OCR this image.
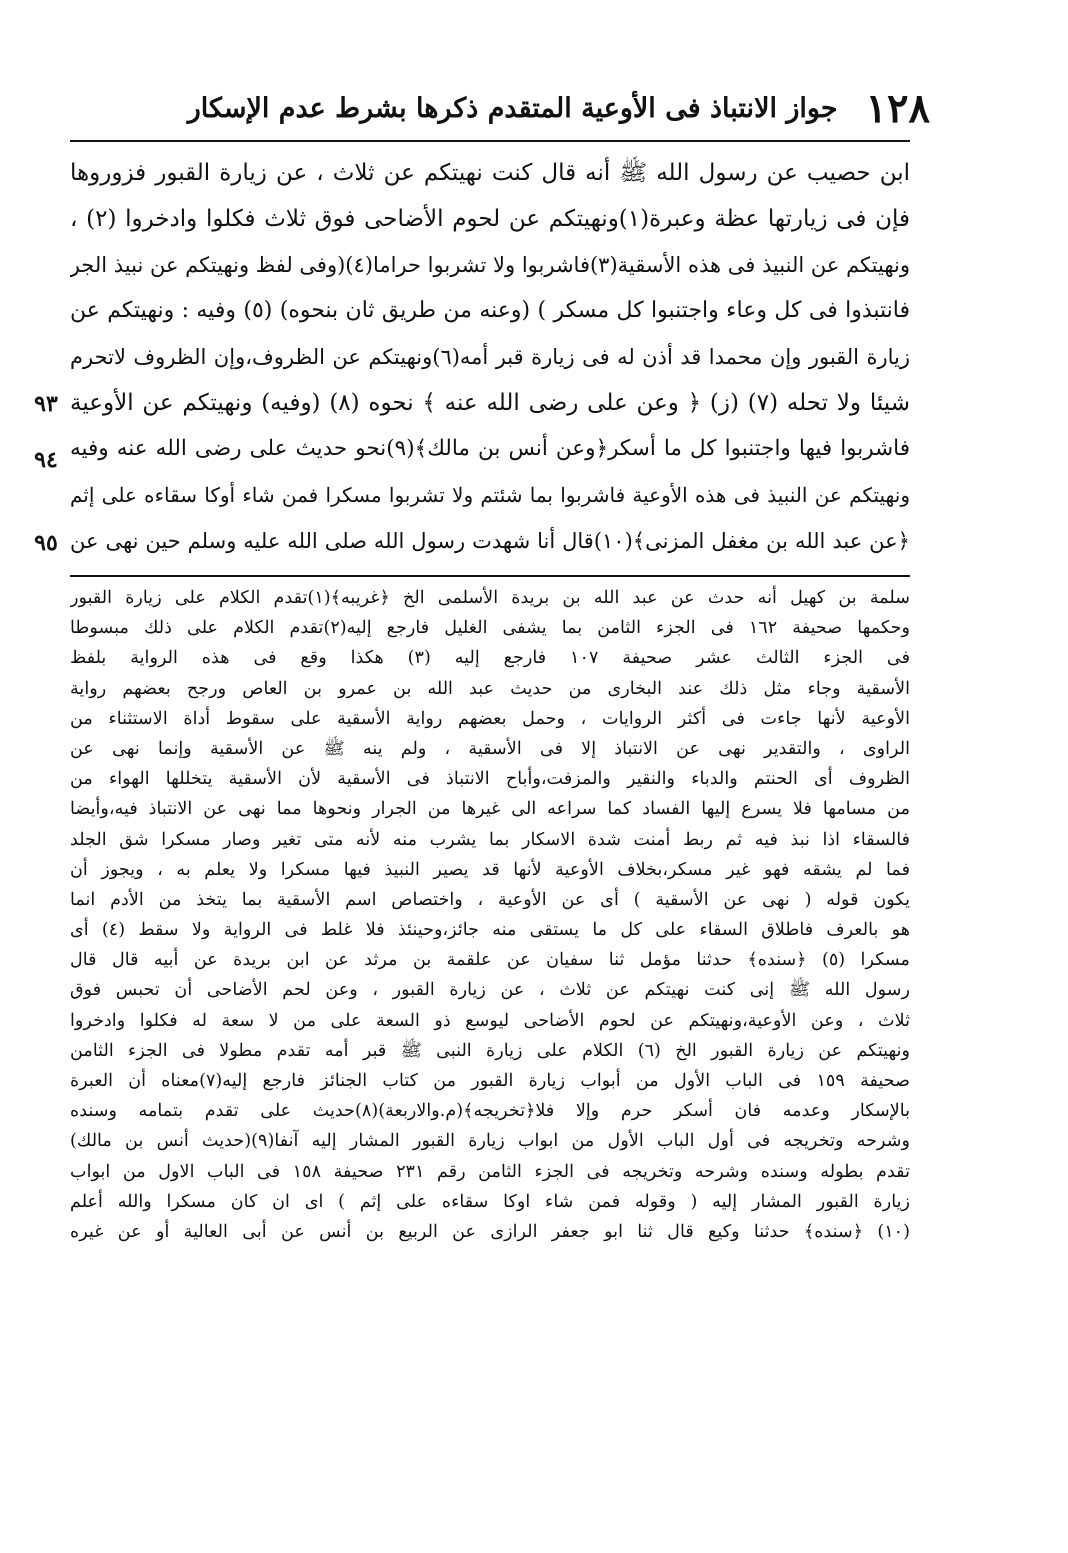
١٢٨
جواز الانتباذ فى الأوعية المتقدم ذكرها بشرط عدم الإسكار
ابن حصيب عن رسول الله ﷺ أنه قال كنت نهيتكم عن ثلاث ، عن زيارة القبور فزوروها
فإن فى زيارتها عظة وعبرة(١)ونهيتكم عن لحوم الأضاحى فوق ثلاث فكلوا وادخروا (٢) ،
ونهيتكم عن النبيذ فى هذه الأسقية(٣)فاشربوا ولا تشربوا حراما(٤)(وفى لفظ ونهيتكم عن نبيذ الجر
فانتبذوا فى كل وعاء واجتنبوا كل مسكر ) (وعنه من طريق ثان بنحوه) (٥) وفيه : ونهيتكم عن
زيارة القبور وإن محمدا قد أذن له فى زيارة قبر أمه(٦)ونهيتكم عن الظروف،وإن الظروف لاتحرم
شيئا ولا تحله (٧) (ز) ﴿ وعن على رضى الله عنه ﴾ نحوه (٨) (وفيه) ونهيتكم عن الأوعية
فاشربوا فيها واجتنبوا كل ما أسكر﴿وعن أنس بن مالك﴾(٩)نحو حديث على رضى الله عنه وفيه
ونهيتكم عن النبيذ فى هذه الأوعية فاشربوا بما شئتم ولا تشربوا مسكرا فمن شاء أوكا سقاءه على إثم
﴿عن عبد الله بن مغفل المزنى﴾(١٠)قال أنا شهدت رسول الله صلى الله عليه وسلم حين نهى عن
٩٣
٩٤
٩٥
سلمة بن كهيل أنه حدث عن عبد الله بن بريدة الأسلمى الخ ﴿غريبه﴾(١)تقدم الكلام على زيارة القبور
وحكمها صحيفة ١٦٢ فى الجزء الثامن بما يشفى الغليل فارجع إليه(٢)تقدم الكلام على ذلك مبسوطا
فى الجزء الثالث عشر صحيفة ١٠٧ فارجع إليه (٣) هكذا وقع فى هذه الرواية بلفظ
الأسقية وجاء مثل ذلك عند البخارى من حديث عبد الله بن عمرو بن العاص ورجح بعضهم رواية
الأوعية لأنها جاءت فى أكثر الروايات ، وحمل بعضهم رواية الأسقية على سقوط أداة الاستثناء من
الراوى ، والتقدير نهى عن الانتباذ إلا فى الأسقية ، ولم ينه ﷺ عن الأسقية وإنما نهى عن
الظروف أى الحنتم والدباء والنقير والمزفت،وأباح الانتباذ فى الأسقية لأن الأسقية يتخللها الهواء من
من مسامها فلا يسرع إليها الفساد كما سراعه الى غيرها من الجرار ونحوها مما نهى عن الانتباذ فيه،وأيضا
فالسقاء اذا نبذ فيه ثم ربط أمنت شدة الاسكار بما يشرب منه لأنه متى تغير وصار مسكرا شق الجلد
فما لم يشقه فهو غير مسكر،بخلاف الأوعية لأنها قد يصير النبيذ فيها مسكرا ولا يعلم به ، ويجوز أن
يكون قوله ( نهى عن الأسقية ) أى عن الأوعية ، واختصاص اسم الأسقية بما يتخذ من الأدم انما
هو بالعرف فاطلاق السقاء على كل ما يستقى منه جائز،وحينئذ فلا غلط فى الرواية ولا سقط (٤) أى
مسكرا (٥) ﴿سنده﴾ حدثنا مؤمل ثنا سفيان عن علقمة بن مرثد عن ابن بريدة عن أبيه قال قال
رسول الله ﷺ إنى كنت نهيتكم عن ثلاث ، عن زيارة القبور ، وعن لحم الأضاحى أن تحبس فوق
ثلاث ، وعن الأوعية،ونهيتكم عن لحوم الأضاحى ليوسع ذو السعة على من لا سعة له فكلوا وادخروا
ونهيتكم عن زيارة القبور الخ (٦) الكلام على زيارة النبى ﷺ قبر أمه تقدم مطولا فى الجزء الثامن
صحيفة ١٥٩ فى الباب الأول من أبواب زيارة القبور من كتاب الجنائز فارجع إليه(٧)معناه أن العبرة
بالإسكار وعدمه فان أسكر حرم وإلا فلا﴿تخريجه﴾(م.والاربعة)(٨)حديث على تقدم بتمامه وسنده
وشرحه وتخريجه فى أول الباب الأول من ابواب زيارة القبور المشار إليه آنفا(٩)(حديث أنس بن مالك)
تقدم بطوله وسنده وشرحه وتخريجه فى الجزء الثامن رقم ٢٣١ صحيفة ١٥٨ فى الباب الاول من ابواب
زيارة القبور المشار إليه ( وقوله فمن شاء اوكا سقاءه على إثم ) اى ان كان مسكرا والله أعلم
(١٠) ﴿سنده﴾ حدثنا وكيع قال ثنا ابو جعفر الرازى عن الربيع بن أنس عن أبى العالية أو عن غيره
